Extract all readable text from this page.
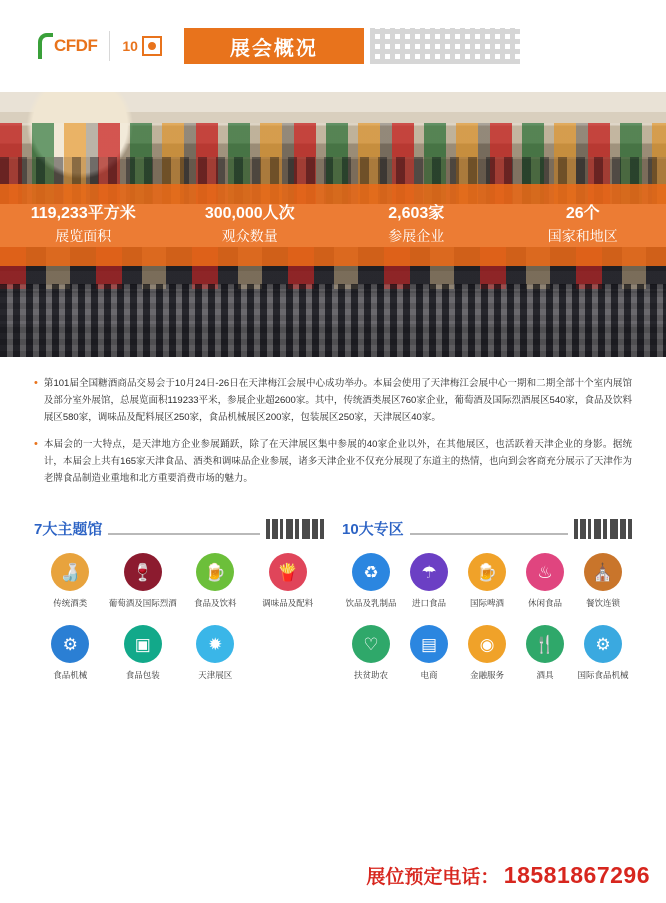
CFDF 10	展会概况
119,233平方米
展览面积
300,000人次
观众数量
2,603家
参展企业
26个
国家和地区
• 第101届全国糖酒商品交易会于10月24日-26日在天津梅江会展中心成功举办。本届会使用了天津梅江会展中心一期和二期全部十个室内展馆及部分室外展馆，总展览面积119233平米，参展企业超2600家。其中，传统酒类展区760家企业，葡萄酒及国际烈酒展区540家，食品及饮料展区580家，调味品及配料展区250家，食品机械展区200家，包装展区250家，天津展区40家。
• 本届会的一大特点，是天津地方企业参展踊跃，除了在天津展区集中参展的40家企业以外，在其他展区，也活跃着天津企业的身影。据统计，本届会上共有165家天津食品、酒类和调味品企业参展，诸多天津企业不仅充分展现了东道主的热情，也向到会客商充分展示了天津作为老牌食品制造业重地和北方重要消费市场的魅力。
7大主题馆
🍶
传统酒类
🍷
葡萄酒及国际烈酒
🍺
食品及饮料
🍟
调味品及配料
⚙
食品机械
▣
食品包装
✹
天津展区
10大专区
♻
饮品及乳制品
☂
进口食品
🍺
国际啤酒
♨
休闲食品
⛪
餐饮连锁
♡
扶贫助农
▤
电商
◉
金融服务
🍴
酒具
⚙
国际食品机械
展位预定电话： 18581867296
